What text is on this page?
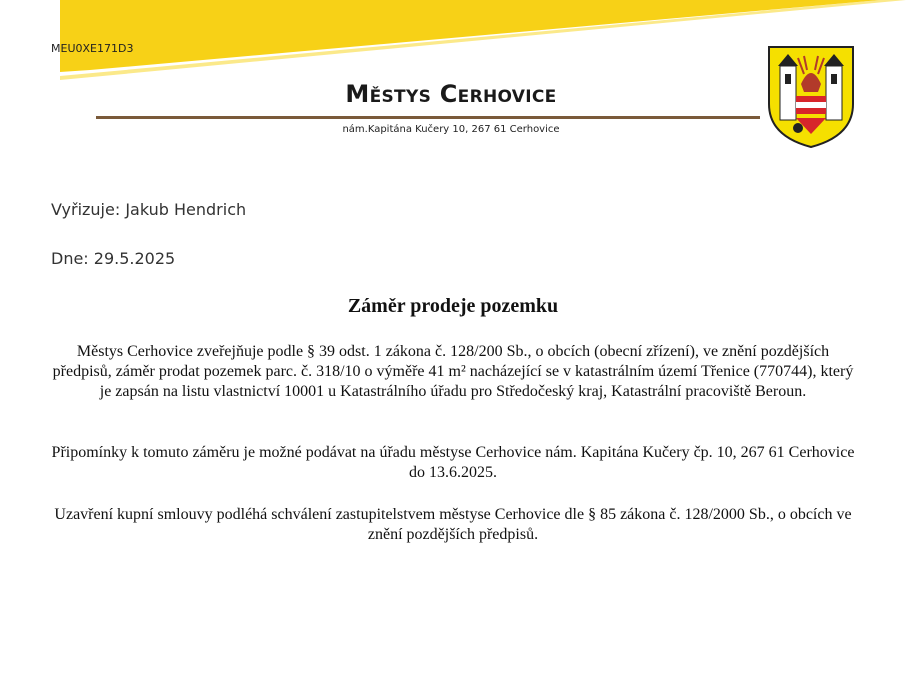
MEU0XE171D3
Městys Cerhovice
nám.Kapitána Kučery 10, 267 61 Cerhovice
Vyřizuje: Jakub Hendrich
Dne: 29.5.2025
Záměr prodeje pozemku
Městys Cerhovice zveřejňuje podle § 39 odst. 1 zákona č. 128/200 Sb., o obcích (obecní zřízení), ve znění pozdějších předpisů, záměr prodat pozemek parc. č. 318/10 o výměře 41 m² nacházející se v katastrálním území Třenice (770744), který je zapsán na listu vlastnictví 10001 u Katastrálního úřadu pro Středočeský kraj, Katastrální pracoviště Beroun.
Připomínky k tomuto záměru je možné podávat na úřadu městyse Cerhovice nám. Kapitána Kučery čp. 10, 267 61 Cerhovice do 13.6.2025.
Uzavření kupní smlouvy podléhá schválení zastupitelstvem městyse Cerhovice dle § 85 zákona č. 128/2000 Sb., o obcích ve znění pozdějších předpisů.
